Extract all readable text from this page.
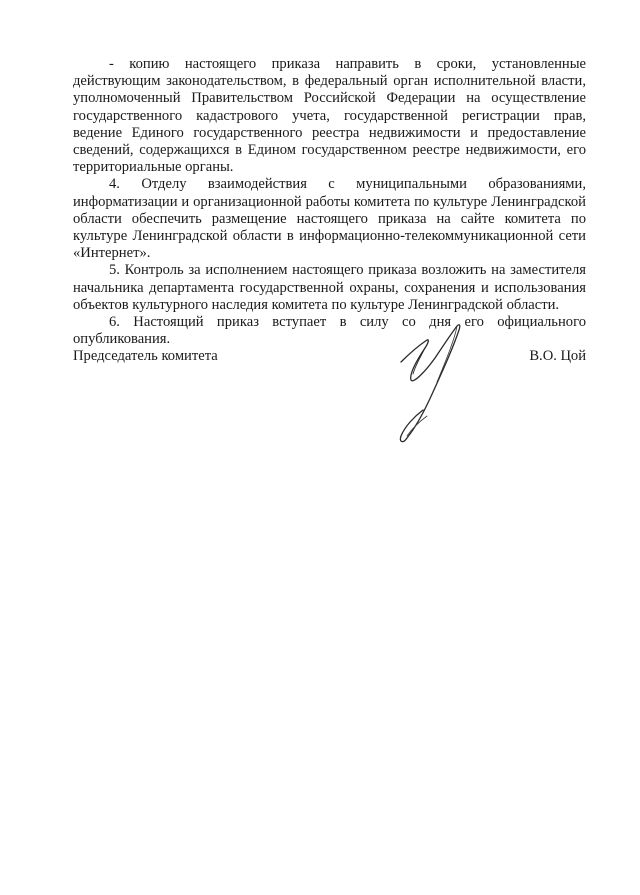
- копию настоящего приказа направить в сроки, установленные действующим законодательством, в федеральный орган исполнительной власти, уполномоченный Правительством Российской Федерации на осуществление государственного кадастрового учета, государственной регистрации прав, ведение Единого государственного реестра недвижимости и предоставление сведений, содержащихся в Едином государственном реестре недвижимости, его территориальные органы.

4. Отделу взаимодействия с муниципальными образованиями, информатизации и организационной работы комитета по культуре Ленинградской области обеспечить размещение настоящего приказа на сайте комитета по культуре Ленинградской области в информационно-телекоммуникационной сети «Интернет».

5. Контроль за исполнением настоящего приказа возложить на заместителя начальника департамента государственной охраны, сохранения и использования объектов культурного наследия комитета по культуре Ленинградской области.

6. Настоящий приказ вступает в силу со дня его официального опубликования.

Председатель комитета	В.О. Цой
